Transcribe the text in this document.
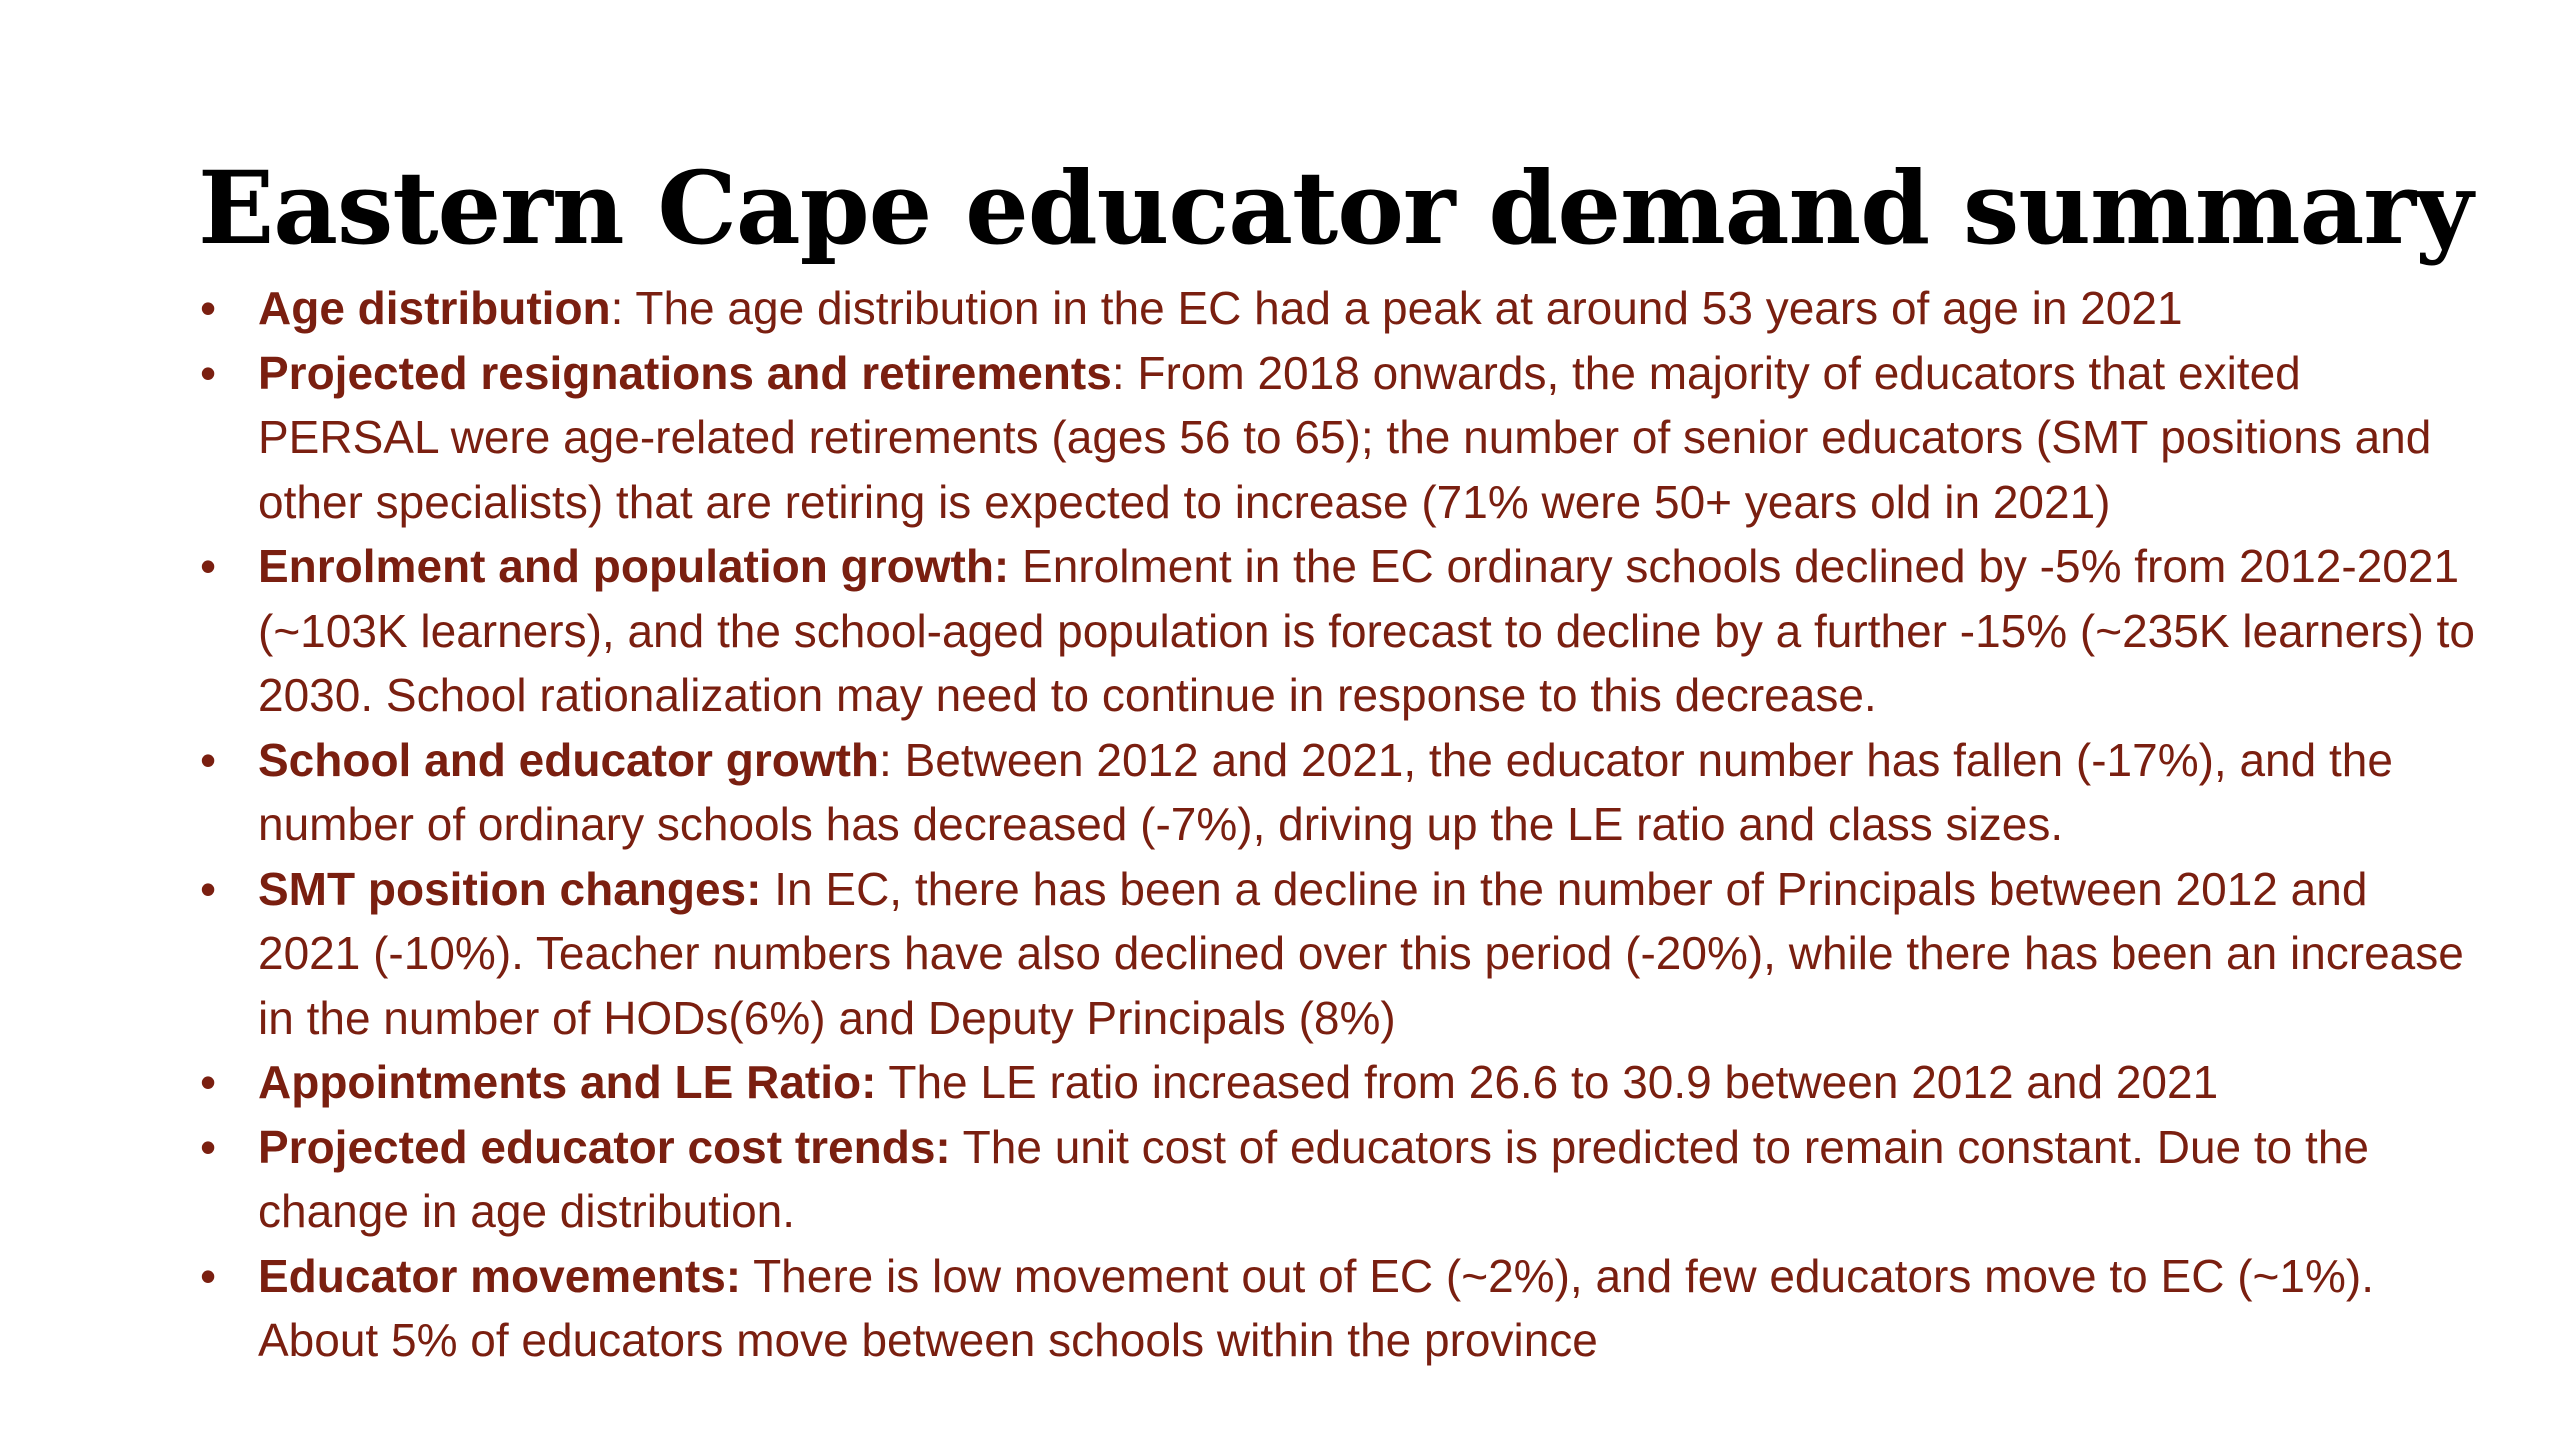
Eastern Cape educator demand summary
• Age distribution: The age distribution in the EC had a peak at around 53 years of age in 2021
• Projected resignations and retirements: From 2018 onwards, the majority of educators that exited PERSAL were age-related retirements (ages 56 to 65); the number of senior educators (SMT positions and other specialists) that are retiring is expected to increase (71% were 50+ years old in 2021)
• Enrolment and population growth: Enrolment in the EC ordinary schools declined by -5% from 2012-2021 (~103K learners), and the school-aged population is forecast to decline by a further -15% (~235K learners) to 2030. School rationalization may need to continue in response to this decrease.
• School and educator growth: Between 2012 and 2021, the educator number has fallen (-17%), and the number of ordinary schools has decreased (-7%), driving up the LE ratio and class sizes.
• SMT position changes: In EC, there has been a decline in the number of Principals between 2012 and 2021 (-10%). Teacher numbers have also declined over this period (-20%), while there has been an increase in the number of HODs(6%) and Deputy Principals (8%)
• Appointments and LE Ratio: The LE ratio increased from 26.6 to 30.9 between 2012 and 2021
• Projected educator cost trends: The unit cost of educators is predicted to remain constant. Due to the change in age distribution.
• Educator movements: There is low movement out of EC (~2%), and few educators move to EC (~1%). About 5% of educators move between schools within the province
